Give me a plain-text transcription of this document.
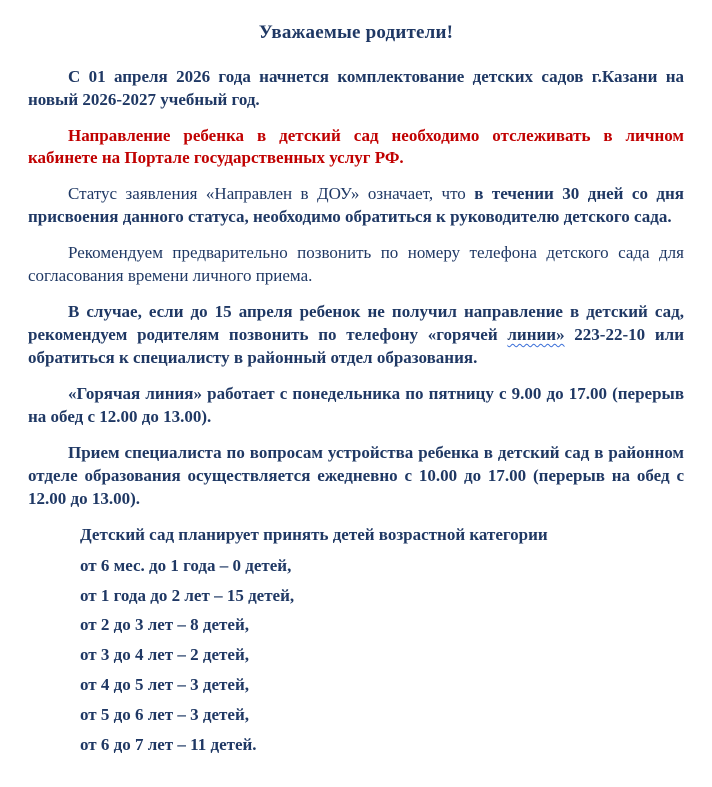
Уважаемые родители!

С 01 апреля 2026 года начнется комплектование детских садов г.Казани на новый 2026-2027 учебный год.

Направление ребенка в детский сад необходимо отслеживать в личном кабинете на Портале государственных услуг РФ.

Статус заявления «Направлен в ДОУ» означает, что в течении 30 дней со дня присвоения данного статуса, необходимо обратиться к руководителю детского сада.

Рекомендуем предварительно позвонить по номеру телефона детского сада для согласования времени личного приема.

В случае, если до 15 апреля ребенок не получил направление в детский сад, рекомендуем родителям позвонить по телефону «горячей линии» 223-22-10 или обратиться к специалисту в районный отдел образования.

«Горячая линия» работает с понедельника по пятницу с 9.00 до 17.00 (перерыв на обед с 12.00 до 13.00).

Прием специалиста по вопросам устройства ребенка в детский сад в районном отделе образования осуществляется ежедневно с 10.00 до 17.00 (перерыв на обед с 12.00 до 13.00).

Детский сад планирует принять детей возрастной категории
от 6 мес. до 1 года – 0 детей,
от 1 года до 2 лет – 15 детей,
от 2 до 3 лет – 8 детей,
от 3 до 4 лет – 2 детей,
от 4 до 5 лет – 3 детей,
от 5 до 6 лет – 3 детей,
от 6 до 7 лет – 11 детей.
